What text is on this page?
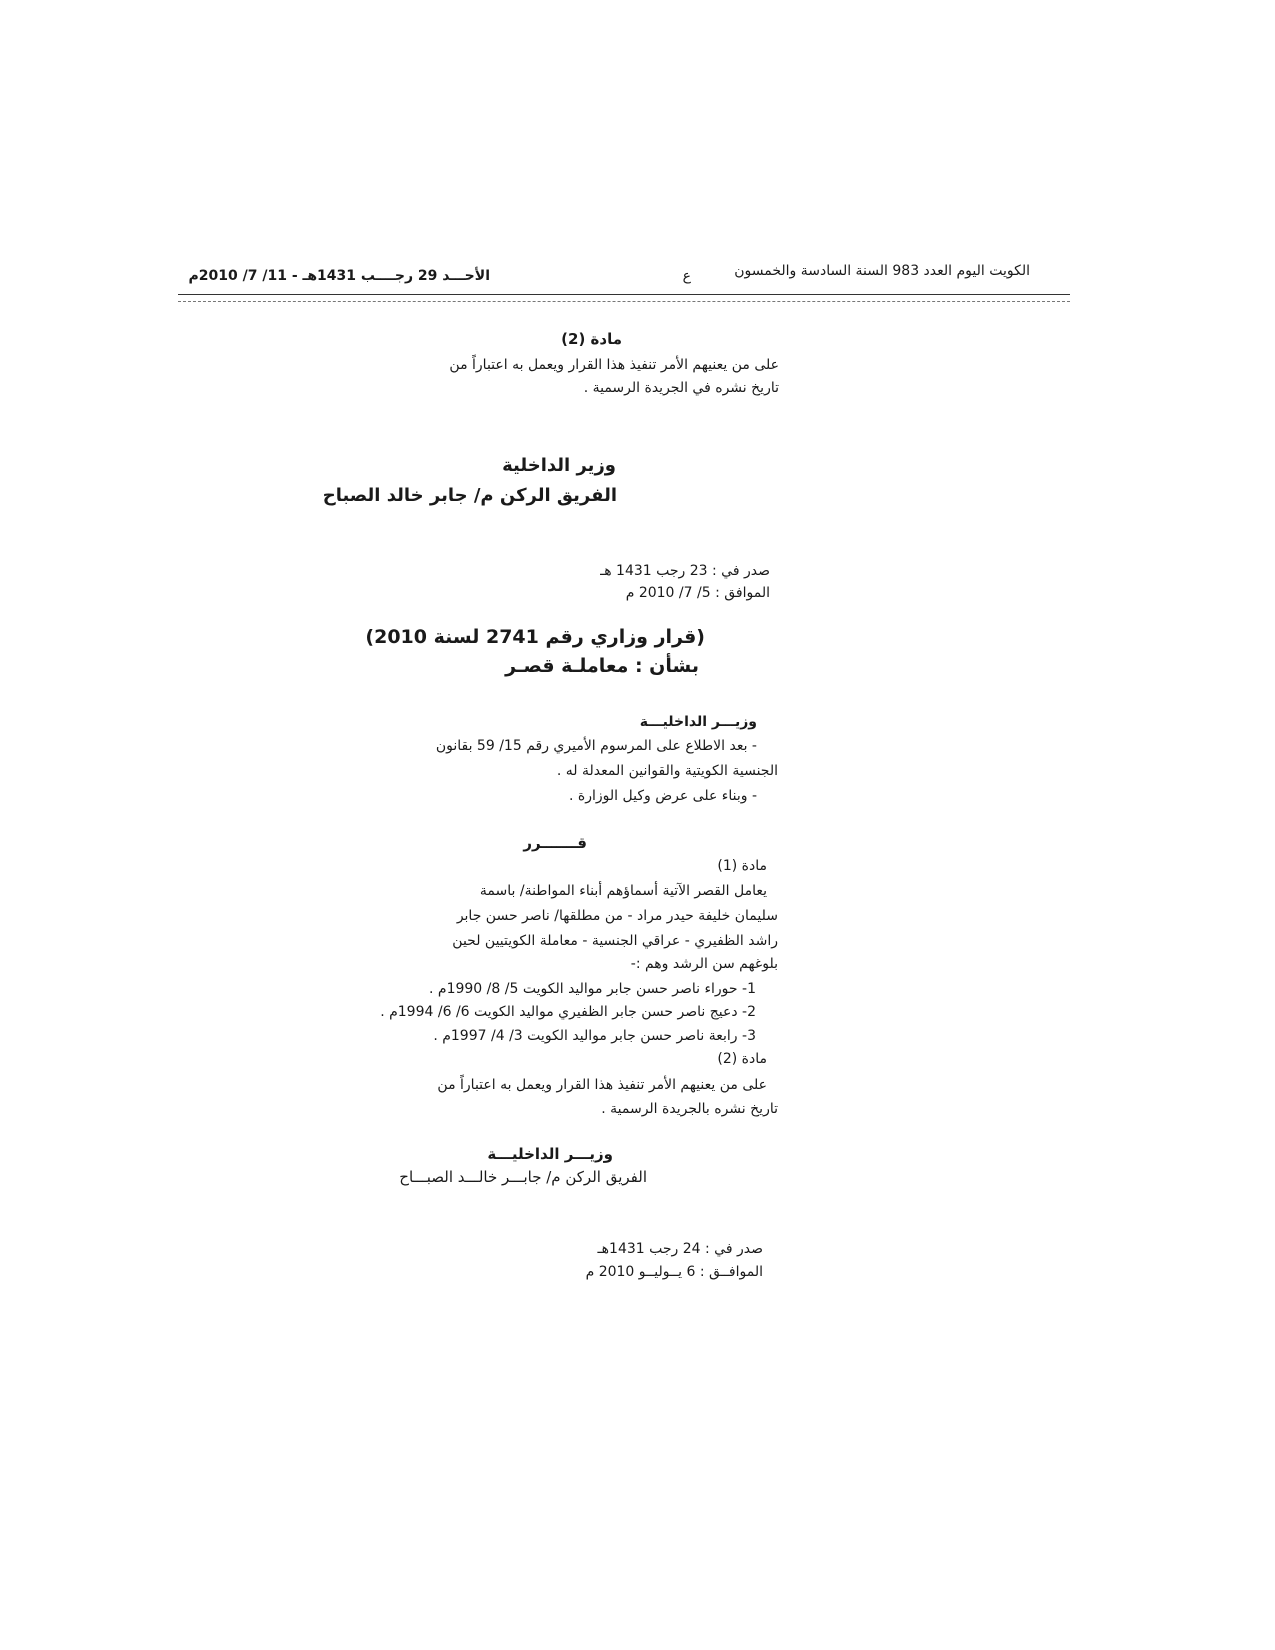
الكويت اليوم العدد 983 السنة السادسة والخمسون
ع
الأحـــد 29 رجــــب 1431هـ - 11/ 7/ 2010م
مادة (2)
على من يعنيهم الأمر تنفيذ هذا القرار ويعمل به اعتباراً من
تاريخ نشره في الجريدة الرسمية .
وزير الداخلية
الفريق الركن م/ جابر خالد الصباح
صدر في : 23 رجب 1431 هـ
الموافق : 5/ 7/ 2010 م
(قرار وزاري رقم 2741 لسنة 2010)
بشأن : معاملـة قصـر
وزيـــر الداخليـــة
- بعد الاطلاع على المرسوم الأميري رقم 15/ 59 بقانون
الجنسية الكويتية والقوانين المعدلة له .
- وبناء على عرض وكيل الوزارة .
قـــــــرر
مادة (1)
يعامل القصر الآتية أسماؤهم أبناء المواطنة/ باسمة
سليمان خليفة حيدر مراد - من مطلقها/ ناصر حسن جابر
راشد الظفيري - عراقي الجنسية - معاملة الكويتيين لحين
بلوغهم سن الرشد وهم :-
1- حوراء ناصر حسن جابر مواليد الكويت 5/ 8/ 1990م .
2- دعيج ناصر حسن جابر الظفيري مواليد الكويت 6/ 6/ 1994م .
3- رابعة ناصر حسن جابر مواليد الكويت 3/ 4/ 1997م .
مادة (2)
على من يعنيهم الأمر تنفيذ هذا القرار ويعمل به اعتباراً من
تاريخ نشره بالجريدة الرسمية .
وزيـــر الداخليـــة
الفريق الركن م/ جابـــر خالـــد الصبـــاح
صدر في : 24 رجب 1431هـ
الموافــق : 6 يــوليــو 2010 م
